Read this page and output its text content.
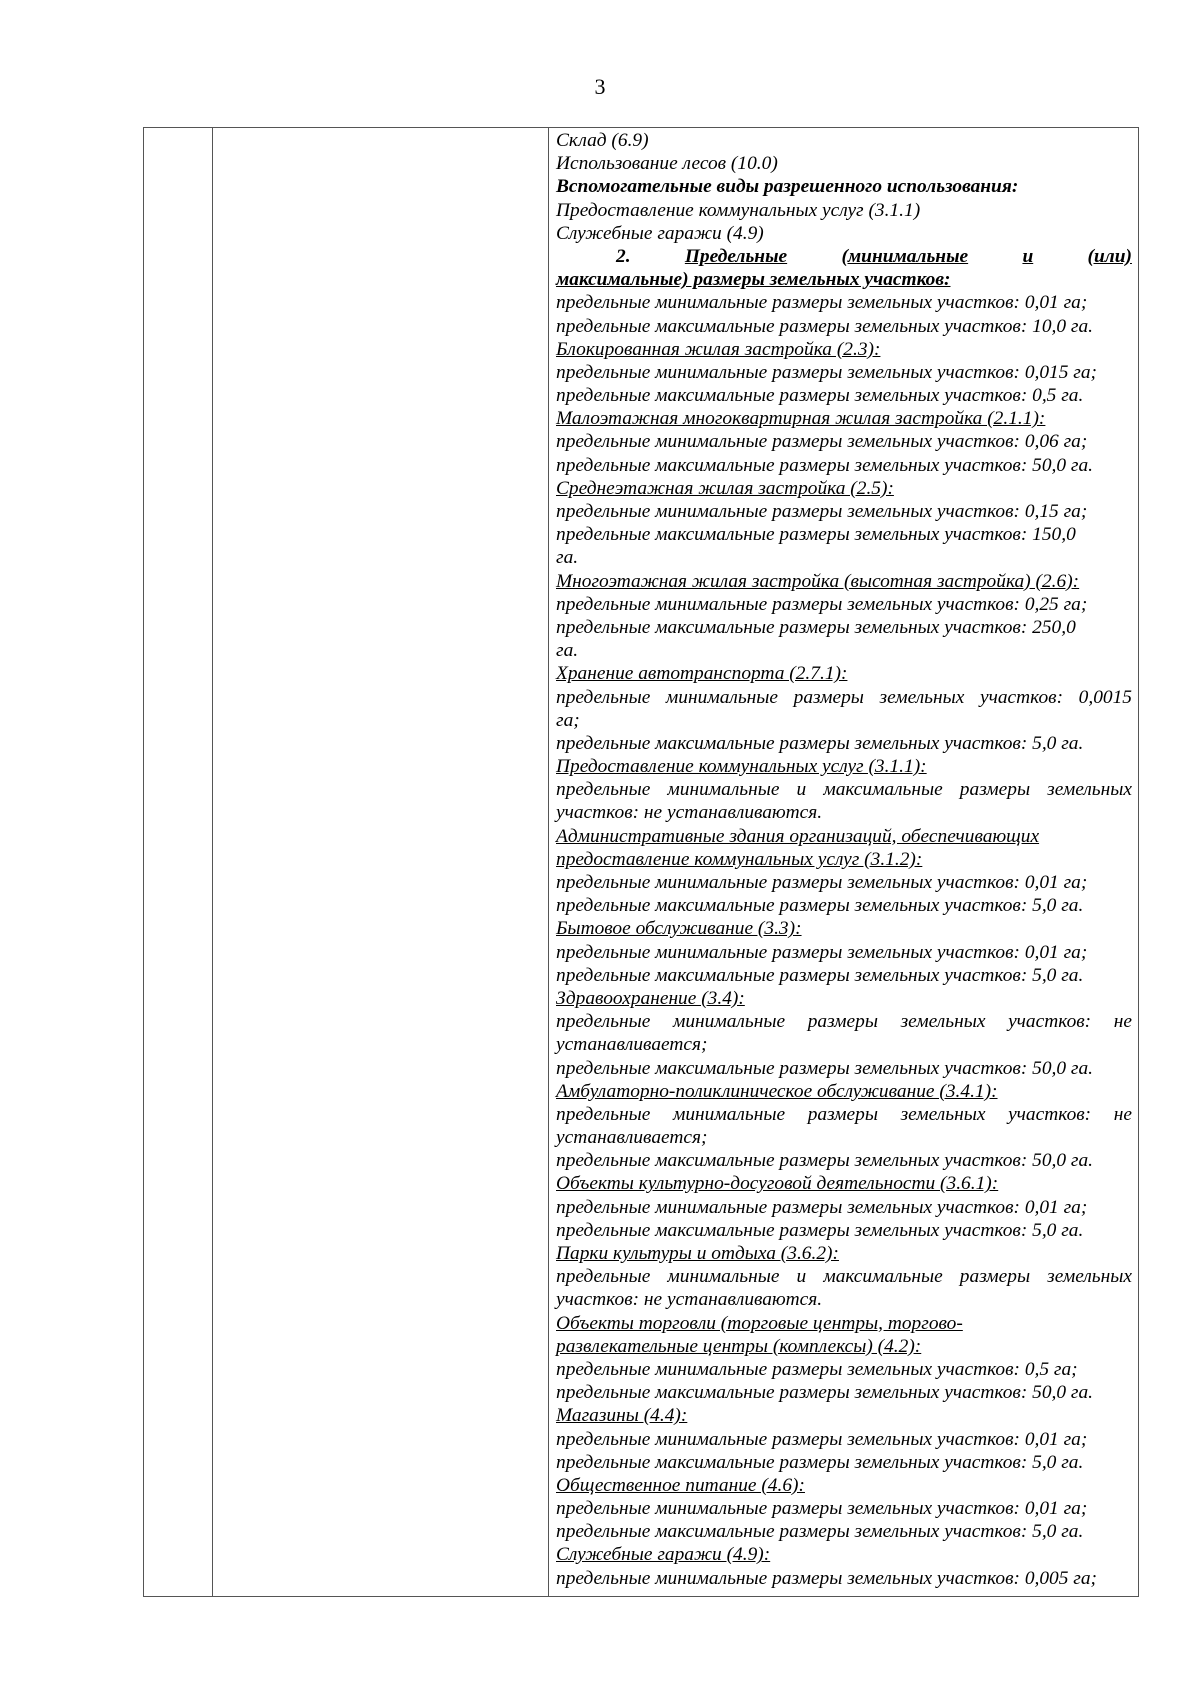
3
Склад (6.9)
Использование лесов (10.0)
Вспомогательные виды разрешенного использования:
Предоставление коммунальных услуг (3.1.1)
Служебные гаражи (4.9)
2.	Предельные	(минимальные	и	(или)
максимальные) размеры земельных участков:
предельные минимальные размеры земельных участков: 0,01 га;
предельные максимальные размеры земельных участков: 10,0 га.
Блокированная жилая застройка (2.3):
предельные минимальные размеры земельных участков: 0,015 га;
предельные максимальные размеры земельных участков: 0,5 га.
Малоэтажная многоквартирная жилая застройка (2.1.1):
предельные минимальные размеры земельных участков: 0,06 га;
предельные максимальные размеры земельных участков: 50,0 га.
Среднеэтажная жилая застройка (2.5):
предельные минимальные размеры земельных участков: 0,15 га;
предельные максимальные размеры земельных участков: 150,0
га.
Многоэтажная жилая застройка (высотная застройка) (2.6):
предельные минимальные размеры земельных участков: 0,25 га;
предельные максимальные размеры земельных участков: 250,0
га.
Хранение автотранспорта (2.7.1):
предельные минимальные размеры земельных участков: 0,0015
га;
предельные максимальные размеры земельных участков: 5,0 га.
Предоставление коммунальных услуг (3.1.1):
предельные минимальные и максимальные размеры земельных
участков: не устанавливаются.
Административные здания организаций, обеспечивающих
предоставление коммунальных услуг (3.1.2):
предельные минимальные размеры земельных участков: 0,01 га;
предельные максимальные размеры земельных участков: 5,0 га.
Бытовое обслуживание (3.3):
предельные минимальные размеры земельных участков: 0,01 га;
предельные максимальные размеры земельных участков: 5,0 га.
Здравоохранение (3.4):
предельные минимальные размеры земельных участков: не
устанавливается;
предельные максимальные размеры земельных участков: 50,0 га.
Амбулаторно-поликлиническое обслуживание (3.4.1):
предельные минимальные размеры земельных участков: не
устанавливается;
предельные максимальные размеры земельных участков: 50,0 га.
Объекты культурно-досуговой деятельности (3.6.1):
предельные минимальные размеры земельных участков: 0,01 га;
предельные максимальные размеры земельных участков: 5,0 га.
Парки культуры и отдыха (3.6.2):
предельные минимальные и максимальные размеры земельных
участков: не устанавливаются.
Объекты торговли (торговые центры, торгово-
развлекательные центры (комплексы) (4.2):
предельные минимальные размеры земельных участков: 0,5 га;
предельные максимальные размеры земельных участков: 50,0 га.
Магазины (4.4):
предельные минимальные размеры земельных участков: 0,01 га;
предельные максимальные размеры земельных участков: 5,0 га.
Общественное питание (4.6):
предельные минимальные размеры земельных участков: 0,01 га;
предельные максимальные размеры земельных участков: 5,0 га.
Служебные гаражи (4.9):
предельные минимальные размеры земельных участков: 0,005 га;
